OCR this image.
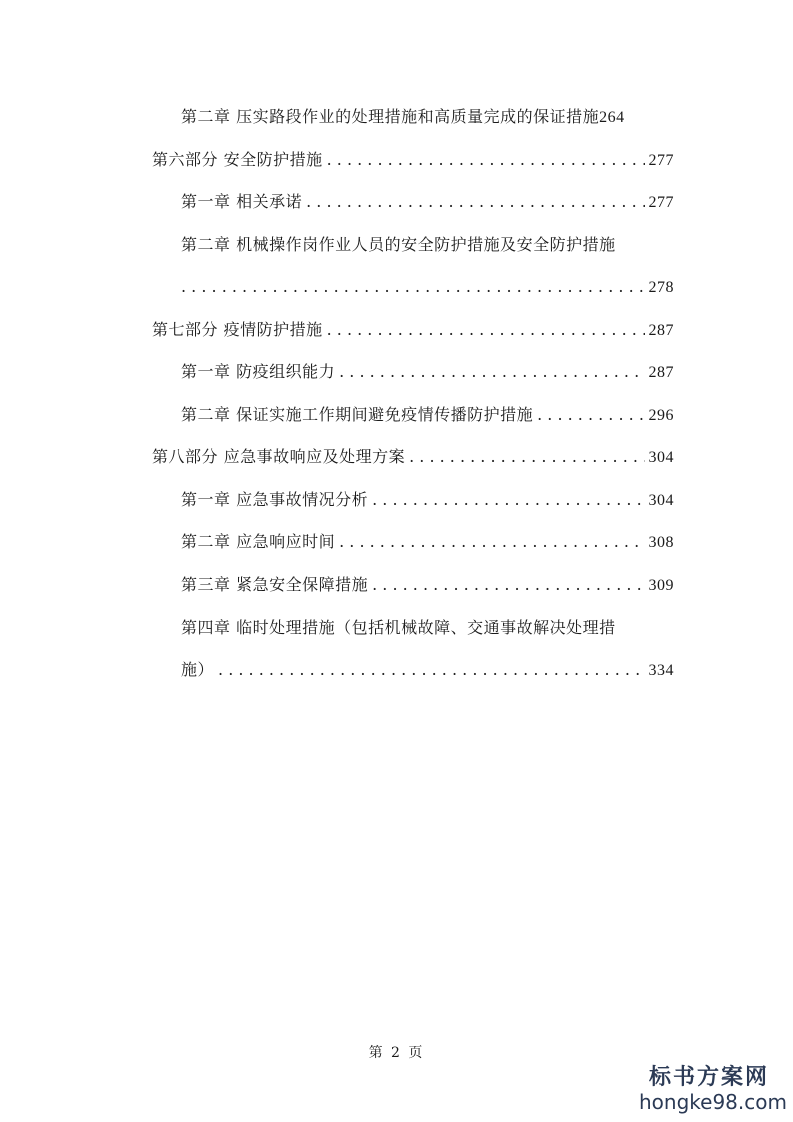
第二章 压实路段作业的处理措施和高质量完成的保证措施 264
第六部分 安全防护措施 . . .	277
第一章 相关承诺 . . .	277
第二章 机械操作岗作业人员的安全防护措施及安全防护措施
. . .
278
第七部分 疫情防护措施 . . .	287
第一章 防疫组织能力 . . .	287
第二章 保证实施工作期间避免疫情传播防护措施 . . .	296
第八部分 应急事故响应及处理方案 . . .	304
第一章 应急事故情况分析 . . .	304
第二章 应急响应时间 . . .	308
第三章 紧急安全保障措施 . . .	309
第四章 临时处理措施（包括机械故障、交通事故解决处理措
施） . . .	334
第 2 页
标书方案网
hongke98.com
